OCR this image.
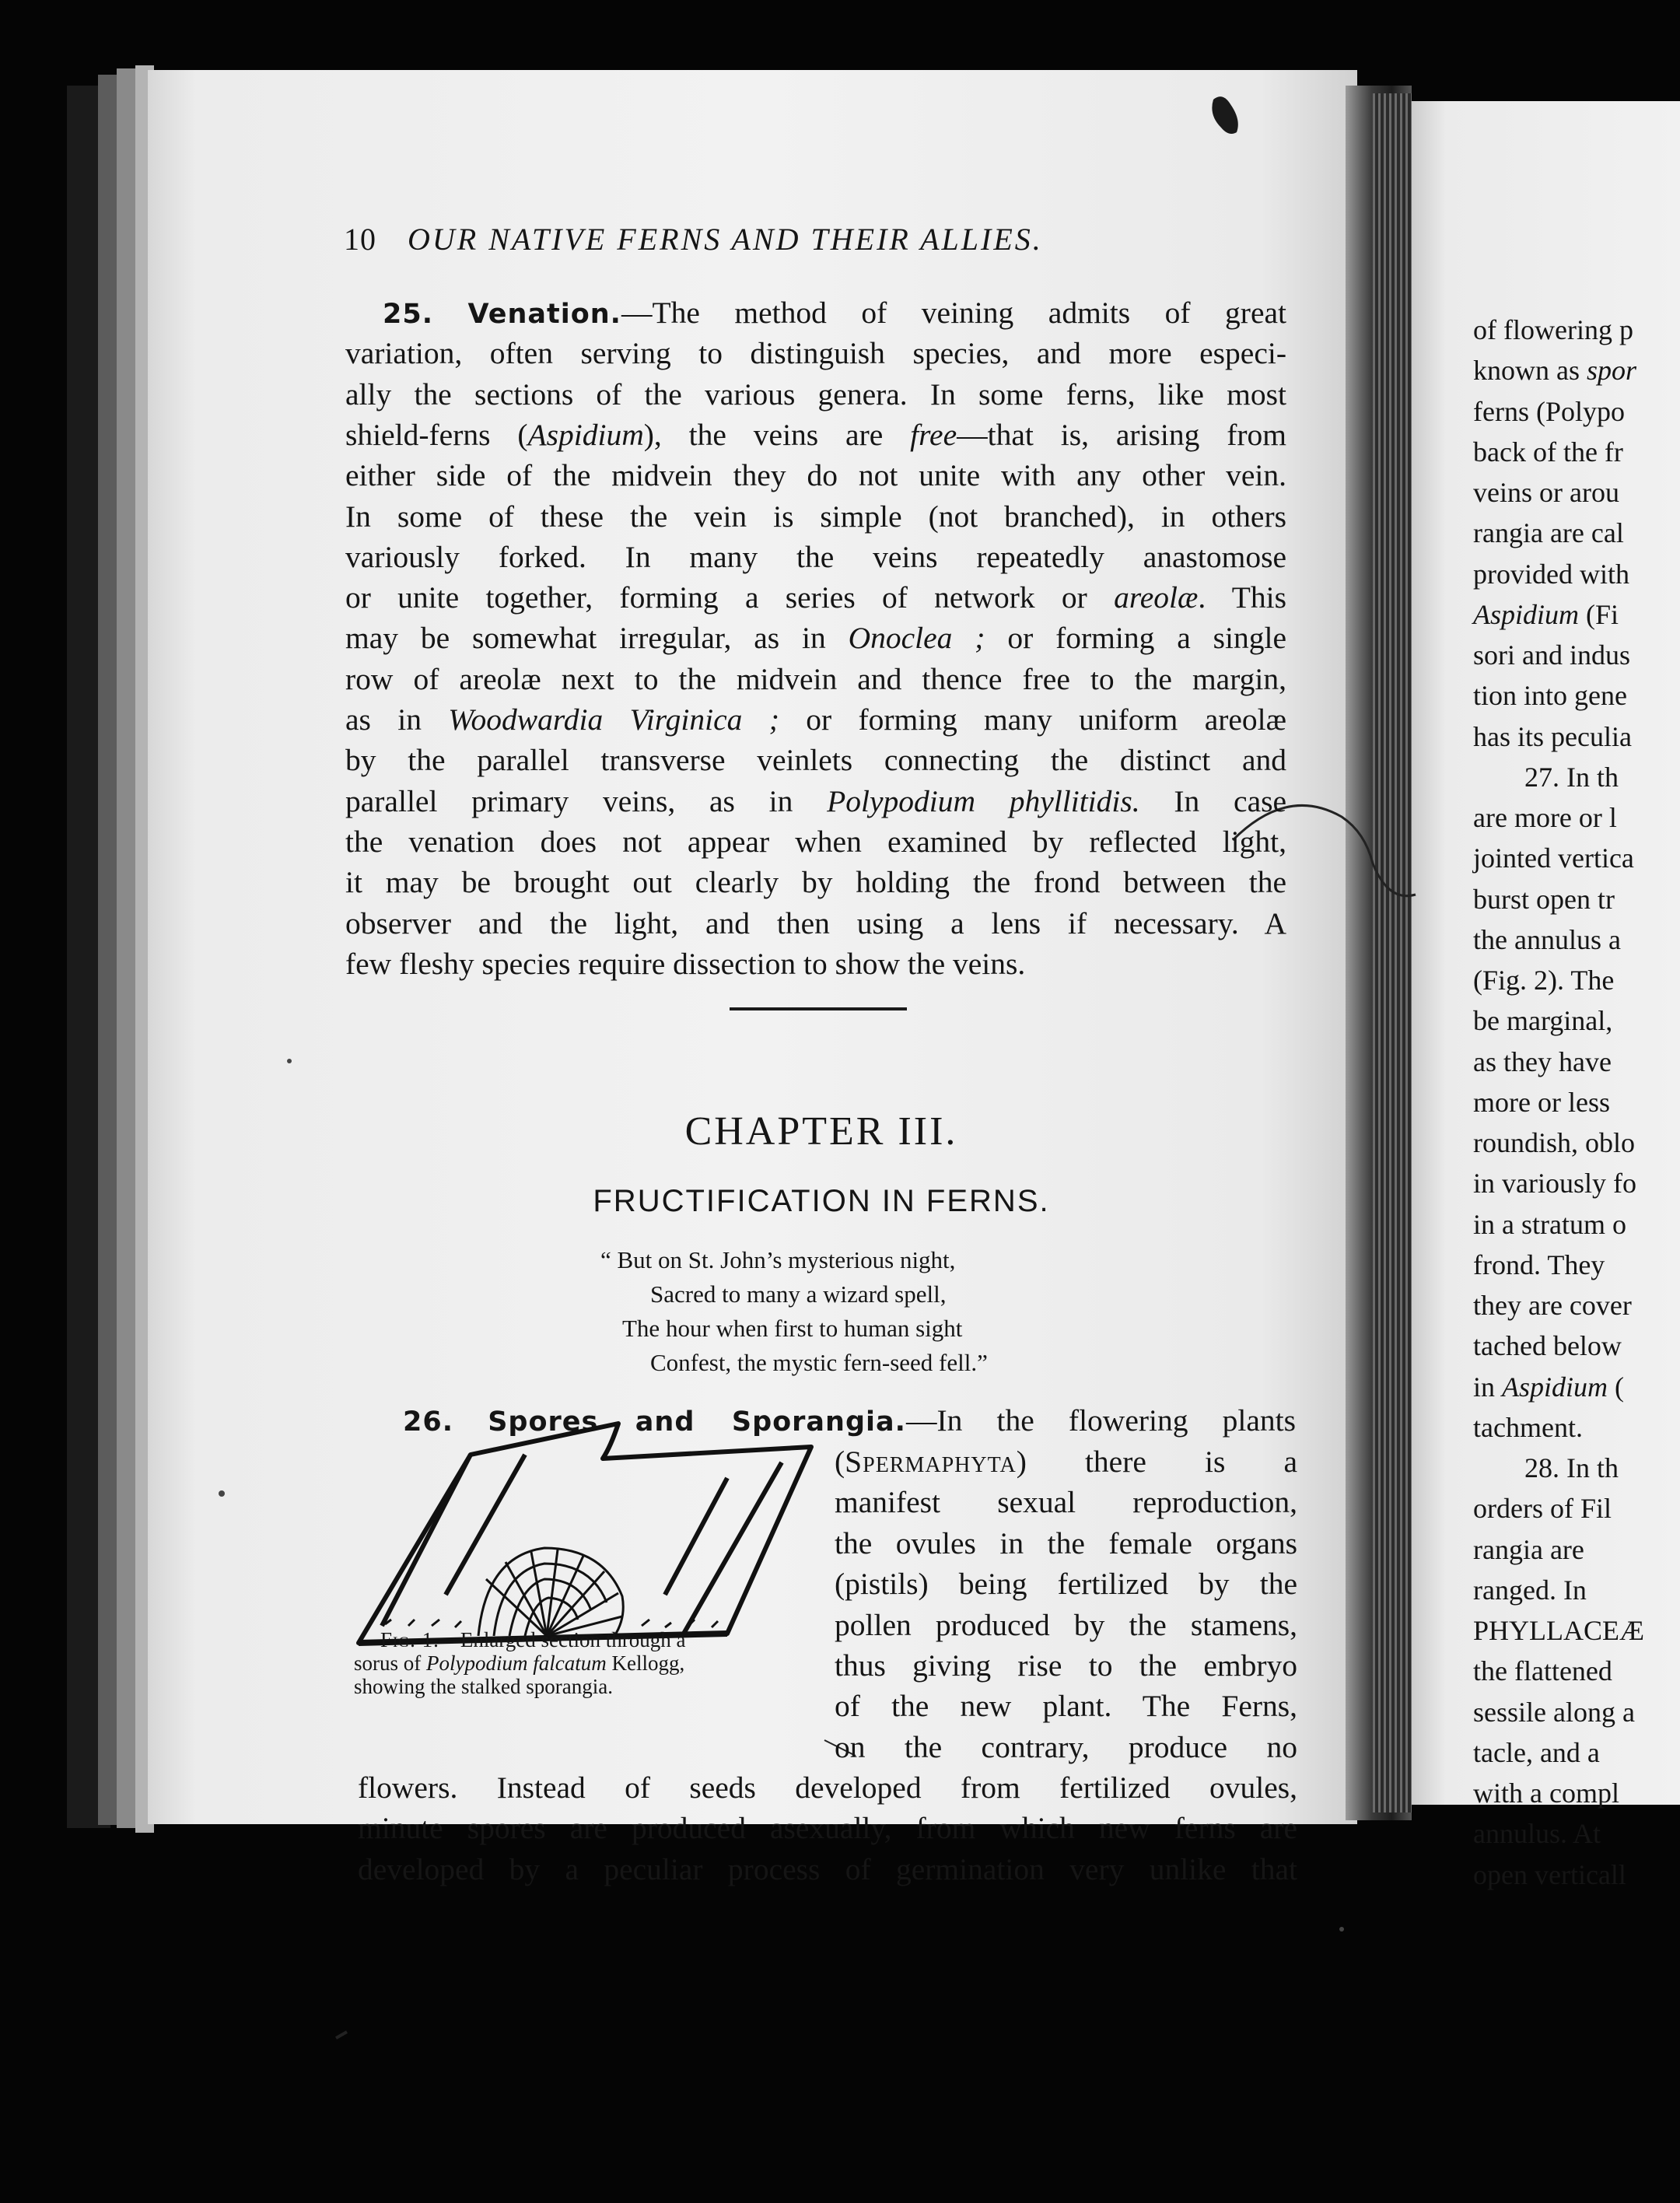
10 OUR NATIVE FERNS AND THEIR ALLIES.
25. Venation.—The method of veining admits of great
variation, often serving to distinguish species, and more especi-
ally the sections of the various genera. In some ferns, like most
shield-ferns (Aspidium), the veins are free—that is, arising from
either side of the midvein they do not unite with any other vein.
In some of these the vein is simple (not branched), in others
variously forked. In many the veins repeatedly anastomose
or unite together, forming a series of network or areolæ. This
may be somewhat irregular, as in Onoclea ; or forming a single
row of areolæ next to the midvein and thence free to the margin,
as in Woodwardia Virginica ; or forming many uniform areolæ
by the parallel transverse veinlets connecting the distinct and
parallel primary veins, as in Polypodium phyllitidis. In case
the venation does not appear when examined by reflected light,
it may be brought out clearly by holding the frond between the
observer and the light, and then using a lens if necessary. A
few fleshy species require dissection to show the veins.
CHAPTER III.
FRUCTIFICATION IN FERNS.
“ But on St. John’s mysterious night,
Sacred to many a wizard spell,
The hour when first to human sight
Confest, the mystic fern-seed fell.”
26. Spores and Sporangia.—In the flowering plants
(Spermaphyta) there is a
manifest sexual reproduction,
the ovules in the female organs
(pistils) being fertilized by the
pollen produced by the stamens,
thus giving rise to the embryo
of the new plant. The Ferns,
on the contrary, produce no
flowers. Instead of seeds developed from fertilized ovules,
minute spores are produced asexually, from which new ferns are
developed by a peculiar process of germination very unlike that
Fig. 1.—Enlarged section through a
sorus of Polypodium falcatum Kellogg,
showing the stalked sporangia.
of flowering p
known as spor
ferns (Polypo
back of the fr
veins or arou
rangia are cal
provided with
Aspidium (Fi
sori and indus
tion into gene
has its peculia
27. In th
are more or l
jointed vertica
burst open tr
the annulus a
(Fig. 2). The
be marginal,
as they have
more or less
roundish, oblo
in variously fo
in a stratum o
frond. They
they are cover
tached below
in Aspidium (
tachment.
28. In th
orders of Fil
rangia are
ranged. In
PHYLLACEÆ
the flattened
sessile along a
tacle, and a
with a compl
annulus. At
open verticall
